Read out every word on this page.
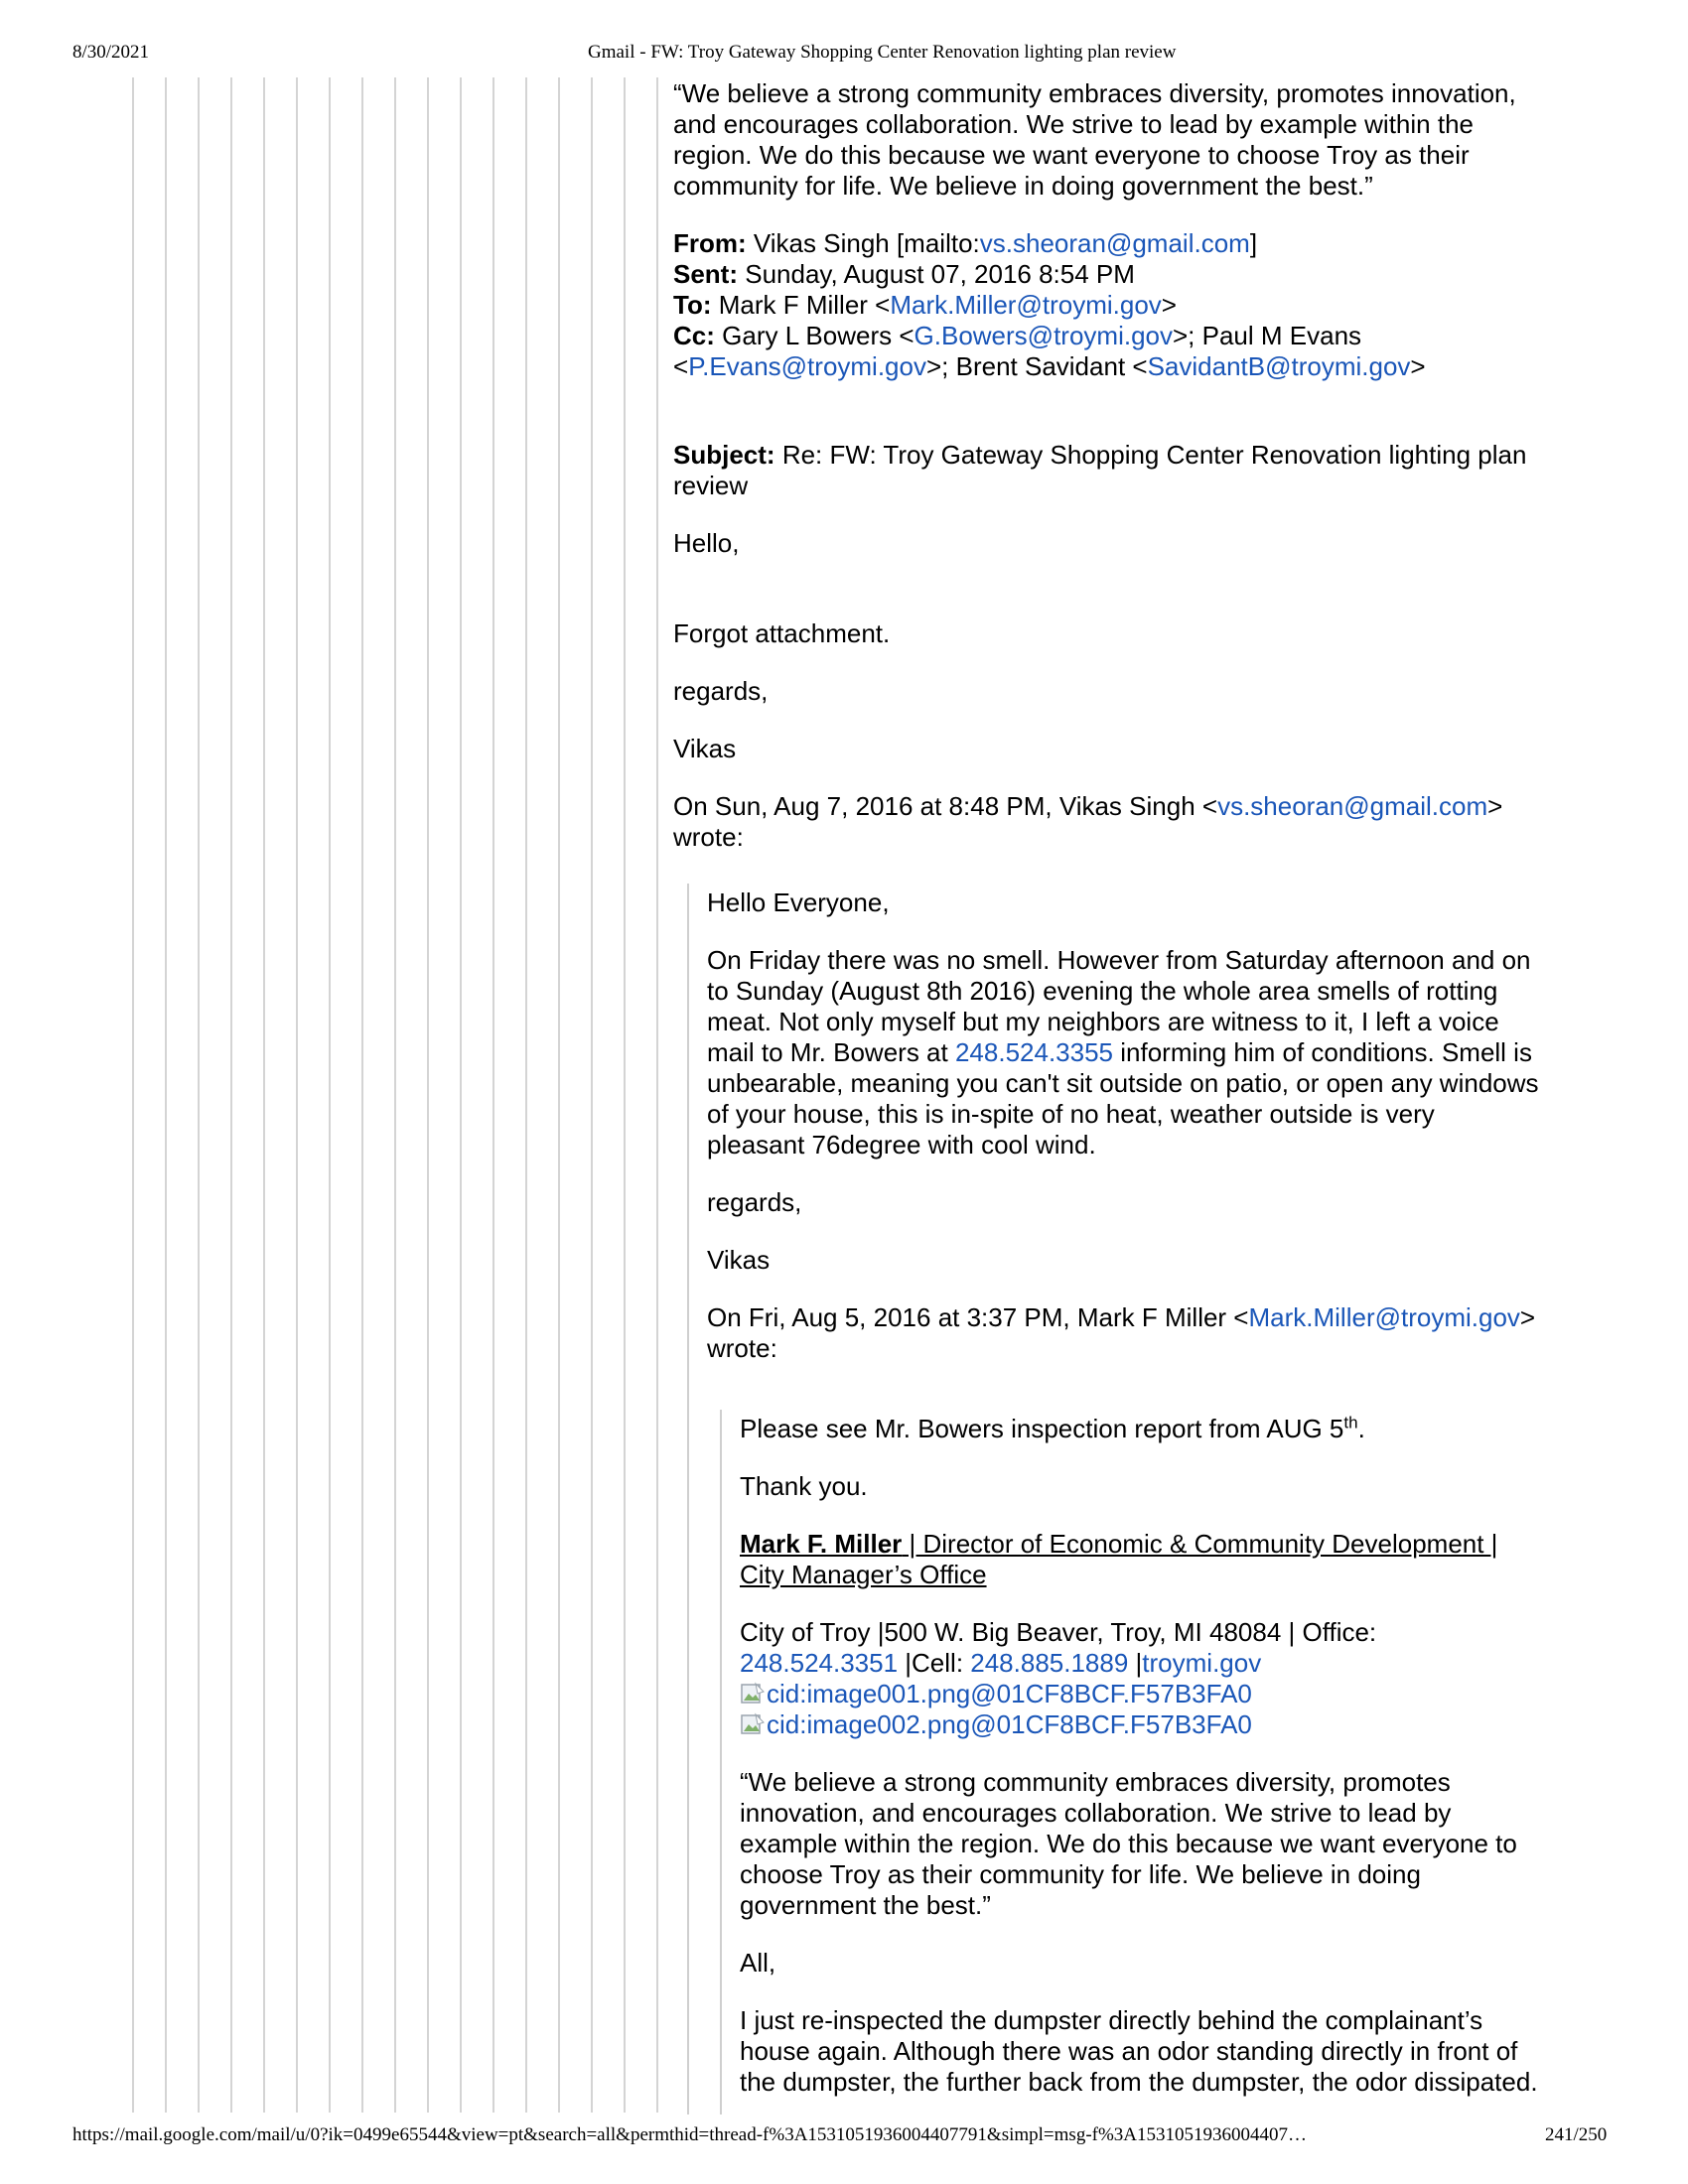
8/30/2021	Gmail - FW: Troy Gateway Shopping Center Renovation lighting plan review

“We believe a strong community embraces diversity, promotes innovation,
and encourages collaboration. We strive to lead by example within the
region. We do this because we want everyone to choose Troy as their
community for life. We believe in doing government the best.”

From: Vikas Singh [mailto:vs.sheoran@gmail.com]
Sent: Sunday, August 07, 2016 8:54 PM
To: Mark F Miller <Mark.Miller@troymi.gov>
Cc: Gary L Bowers <G.Bowers@troymi.gov>; Paul M Evans
<P.Evans@troymi.gov>; Brent Savidant <SavidantB@troymi.gov>

Subject: Re: FW: Troy Gateway Shopping Center Renovation lighting plan
review

Hello,

Forgot attachment.

regards,

Vikas

On Sun, Aug 7, 2016 at 8:48 PM, Vikas Singh <vs.sheoran@gmail.com>
wrote:

Hello Everyone,

On Friday there was no smell. However from Saturday afternoon and on
to Sunday (August 8th 2016) evening the whole area smells of rotting
meat. Not only myself but my neighbors are witness to it, I left a voice
mail to Mr. Bowers at 248.524.3355 informing him of conditions. Smell is
unbearable, meaning you can't sit outside on patio, or open any windows
of your house, this is in-spite of no heat, weather outside is very
pleasant 76degree with cool wind.

regards,

Vikas

On Fri, Aug 5, 2016 at 3:37 PM, Mark F Miller <Mark.Miller@troymi.gov>
wrote:

Please see Mr. Bowers inspection report from AUG 5th.

Thank you.

Mark F. Miller | Director of Economic & Community Development |
City Manager’s Office

City of Troy |500 W. Big Beaver, Troy, MI 48084 | Office:
248.524.3351 |Cell: 248.885.1889 |troymi.gov

cid:image001.png@01CF8BCF.F57B3FA0

cid:image002.png@01CF8BCF.F57B3FA0

“We believe a strong community embraces diversity, promotes
innovation, and encourages collaboration. We strive to lead by
example within the region. We do this because we want everyone to
choose Troy as their community for life. We believe in doing
government the best.”

All,

I just re-inspected the dumpster directly behind the complainant’s
house again. Although there was an odor standing directly in front of
the dumpster, the further back from the dumpster, the odor dissipated.

https://mail.google.com/mail/u/0?ik=0499e65544&view=pt&search=all&permthid=thread-f%3A1531051936004407791&simpl=msg-f%3A1531051936004407…	241/250
